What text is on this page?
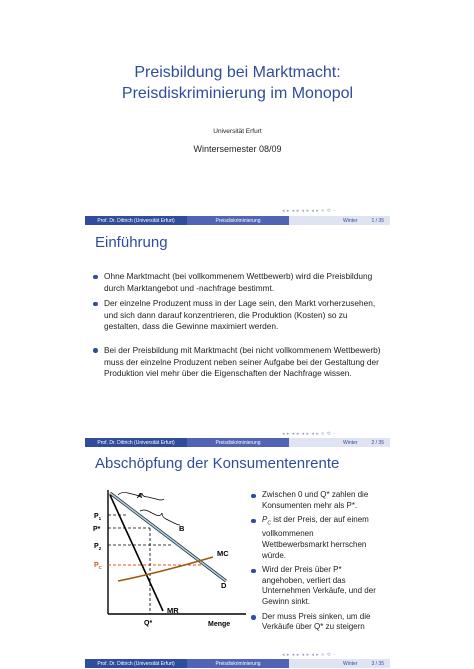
Preisbildung bei Marktmacht:
Preisdiskriminierung im Monopol
Universität Erfurt
Wintersemester 08/09
◂ ▸ ◂ ▸ ◂ ▸ ◂ ▸ ≡ ⟲ ◦
Prof. Dr. Dittrich (Universität Erfurt)	Preisdiskriminierung	Winter	1 / 35
Einführung
Ohne Marktmacht (bei vollkommenem Wettbewerb) wird die Preisbildung durch Marktangebot und -nachfrage bestimmt.
Der einzelne Produzent muss in der Lage sein, den Markt vorherzusehen, und sich dann darauf konzentrieren, die Produktion (Kosten) so zu gestalten, dass die Gewinne maximiert werden.
Bei der Preisbildung mit Marktmacht (bei nicht vollkommenem Wettbewerb) muss der einzelne Produzent neben seiner Aufgabe bei der Gestaltung der Produktion viel mehr über die Eigenschaften der Nachfrage wissen.
◂ ▸ ◂ ▸ ◂ ▸ ◂ ▸ ≡ ⟲ ◦
Prof. Dr. Dittrich (Universität Erfurt)	Preisdiskriminierung	Winter	2 / 35
Abschöpfung der Konsumentenrente
A
B
MC
D
MR
$P_1$
P*
$P_2$
$P_C$
Q*	Menge
Zwischen 0 und Q* zahlen die Konsumenten mehr als P*.
$P_C$ ist der Preis, der auf einem vollkommenen Wettbewerbsmarkt herrschen würde.
Wird der Preis über P* angehoben, verliert das Unternehmen Verkäufe, und der Gewinn sinkt.
Der muss Preis sinken, um die Verkäufe über Q* zu steigern
◂ ▸ ◂ ▸ ◂ ▸ ◂ ▸ ≡ ⟲ ◦
Prof. Dr. Dittrich (Universität Erfurt)	Preisdiskriminierung	Winter	3 / 35
